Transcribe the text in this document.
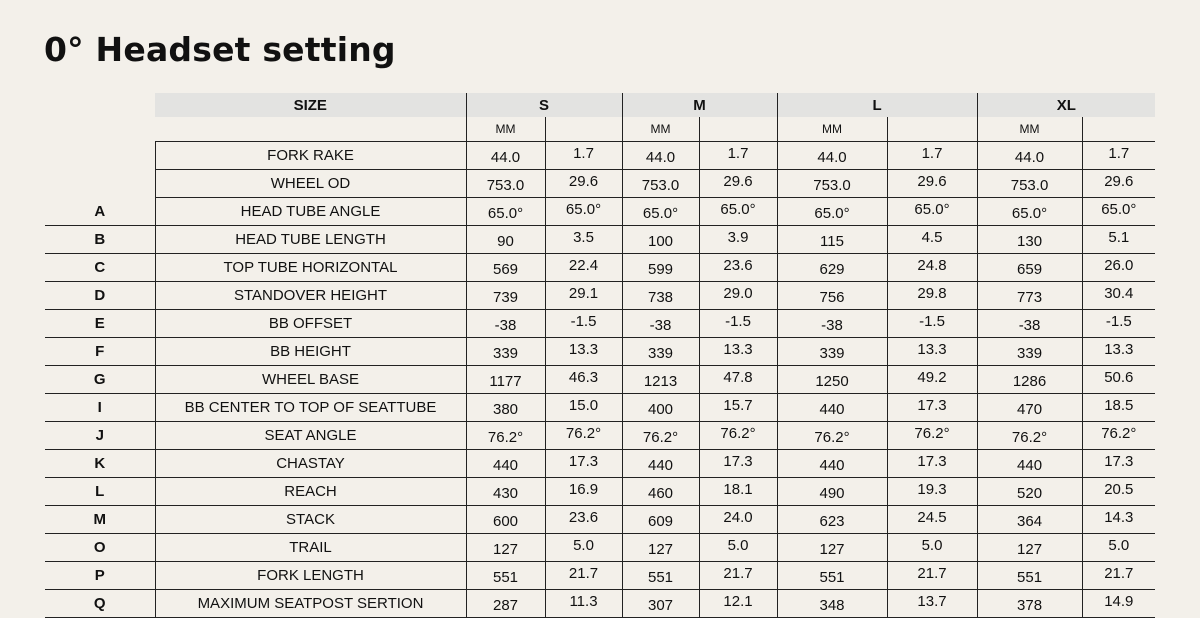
0° Headset setting
	SIZE	S		M		L		XL	
		MM		MM		MM		MM	
	FORK RAKE	44.0	1.7	44.0	1.7	44.0	1.7	44.0	1.7
	WHEEL OD	753.0	29.6	753.0	29.6	753.0	29.6	753.0	29.6
A	HEAD TUBE ANGLE	65.0°	65.0°	65.0°	65.0°	65.0°	65.0°	65.0°	65.0°
B	HEAD TUBE LENGTH	90	3.5	100	3.9	115	4.5	130	5.1
C	TOP TUBE HORIZONTAL	569	22.4	599	23.6	629	24.8	659	26.0
D	STANDOVER HEIGHT	739	29.1	738	29.0	756	29.8	773	30.4
E	BB OFFSET	-38	-1.5	-38	-1.5	-38	-1.5	-38	-1.5
F	BB HEIGHT	339	13.3	339	13.3	339	13.3	339	13.3
G	WHEEL BASE	1177	46.3	1213	47.8	1250	49.2	1286	50.6
I	BB CENTER TO TOP OF SEATTUBE	380	15.0	400	15.7	440	17.3	470	18.5
J	SEAT ANGLE	76.2°	76.2°	76.2°	76.2°	76.2°	76.2°	76.2°	76.2°
K	CHASTAY	440	17.3	440	17.3	440	17.3	440	17.3
L	REACH	430	16.9	460	18.1	490	19.3	520	20.5
M	STACK	600	23.6	609	24.0	623	24.5	364	14.3
O	TRAIL	127	5.0	127	5.0	127	5.0	127	5.0
P	FORK LENGTH	551	21.7	551	21.7	551	21.7	551	21.7
Q	MAXIMUM SEATPOST SERTION	287	11.3	307	12.1	348	13.7	378	14.9
